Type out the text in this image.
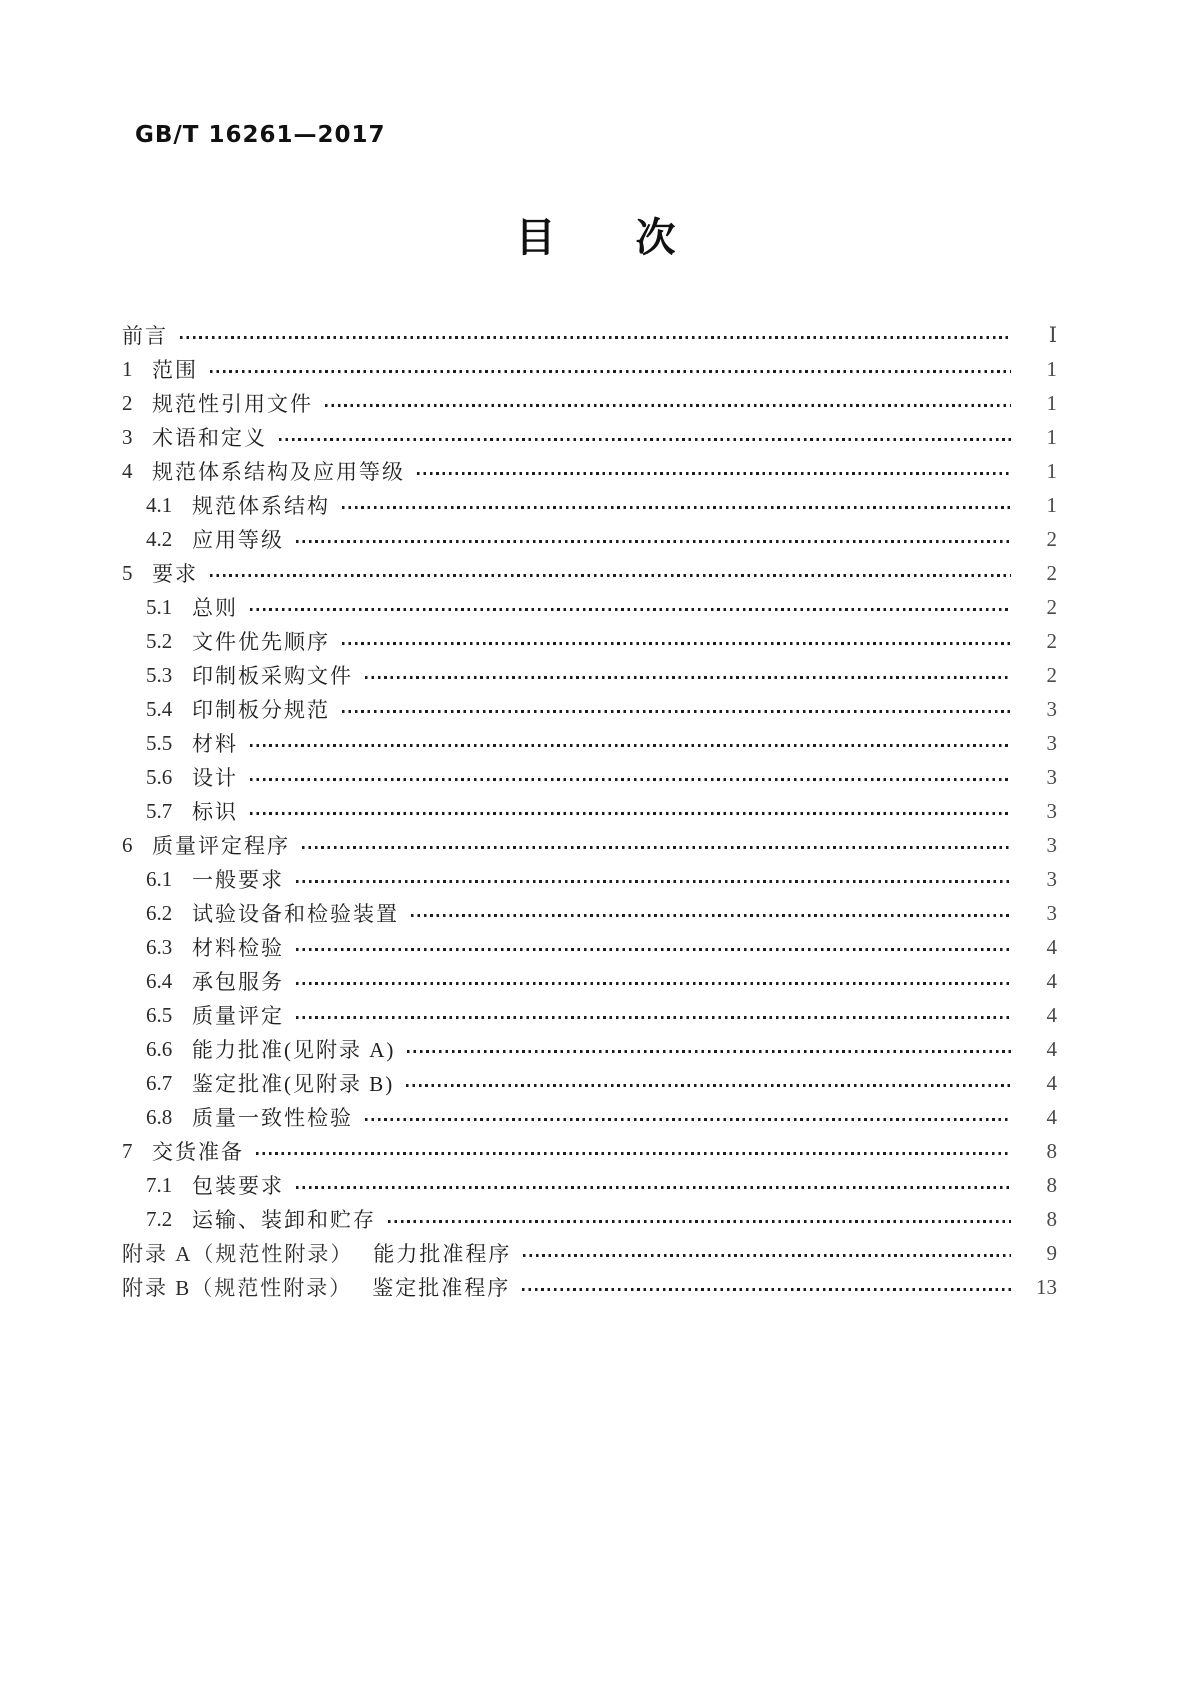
GB/T 16261—2017
目　　次
前言	Ⅰ
1 范围	1
2 规范性引用文件	1
3 术语和定义	1
4 规范体系结构及应用等级	1
4.1 规范体系结构	1
4.2 应用等级	2
5 要求	2
5.1 总则	2
5.2 文件优先顺序	2
5.3 印制板采购文件	2
5.4 印制板分规范	3
5.5 材料	3
5.6 设计	3
5.7 标识	3
6 质量评定程序	3
6.1 一般要求	3
6.2 试验设备和检验装置	3
6.3 材料检验	4
6.4 承包服务	4
6.5 质量评定	4
6.6 能力批准(见附录 A)	4
6.7 鉴定批准(见附录 B)	4
6.8 质量一致性检验	4
7 交货准备	8
7.1 包装要求	8
7.2 运输、装卸和贮存	8
附录 A（规范性附录） 能力批准程序	9
附录 B（规范性附录） 鉴定批准程序	13
